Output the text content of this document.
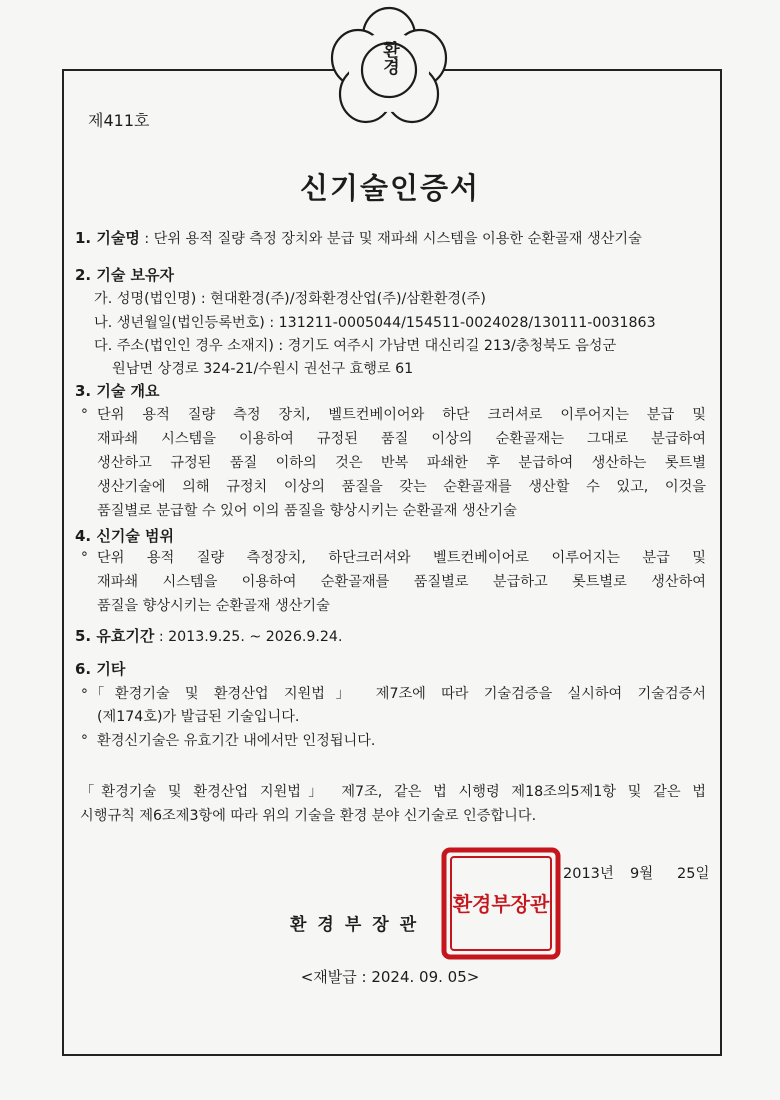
환경
제411호
신기술인증서
1. 기술명 : 단위 용적 질량 측정 장치와 분급 및 재파쇄 시스템을 이용한 순환골재 생산기술
2. 기술 보유자
가. 성명(법인명) : 현대환경(주)/정화환경산업(주)/삼환환경(주)
나. 생년월일(법인등록번호) : 131211-0005044/154511-0024028/130111-0031863
다. 주소(법인인 경우 소재지) : 경기도 여주시 가남면 대신리길 213/충청북도 음성군
원남면 상경로 324-21/수원시 권선구 효행로 61
3. 기술 개요
∘ 단위 용적 질량 측정 장치, 벨트컨베이어와 하단 크러셔로 이루어지는 분급 및
재파쇄 시스템을 이용하여 규정된 품질 이상의 순환골재는 그대로 분급하여
생산하고 규정된 품질 이하의 것은 반복 파쇄한 후 분급하여 생산하는 롯트별
생산기술에 의해 규정치 이상의 품질을 갖는 순환골재를 생산할 수 있고, 이것을
품질별로 분급할 수 있어 이의 품질을 향상시키는 순환골재 생산기술
4. 신기술 범위
∘ 단위 용적 질량 측정장치, 하단크러셔와 벨트컨베이어로 이루어지는 분급 및
재파쇄 시스템을 이용하여 순환골재를 품질별로 분급하고 롯트별로 생산하여
품질을 향상시키는 순환골재 생산기술
5. 유효기간 : 2013.9.25. ~ 2026.9.24.
6. 기타
∘ 「환경기술 및 환경산업 지원법」 제7조에 따라 기술검증을 실시하여 기술검증서
(제174호)가 발급된 기술입니다.
∘ 환경신기술은 유효기간 내에서만 인정됩니다.
「환경기술 및 환경산업 지원법」 제7조, 같은 법 시행령 제18조의5제1항 및 같은 법
시행규칙 제6조제3항에 따라 위의 기술을 환경 분야 신기술로 인증합니다.
환경부장관
환경부장관
2013년 9월 25일
<재발급 : 2024. 09. 05>
